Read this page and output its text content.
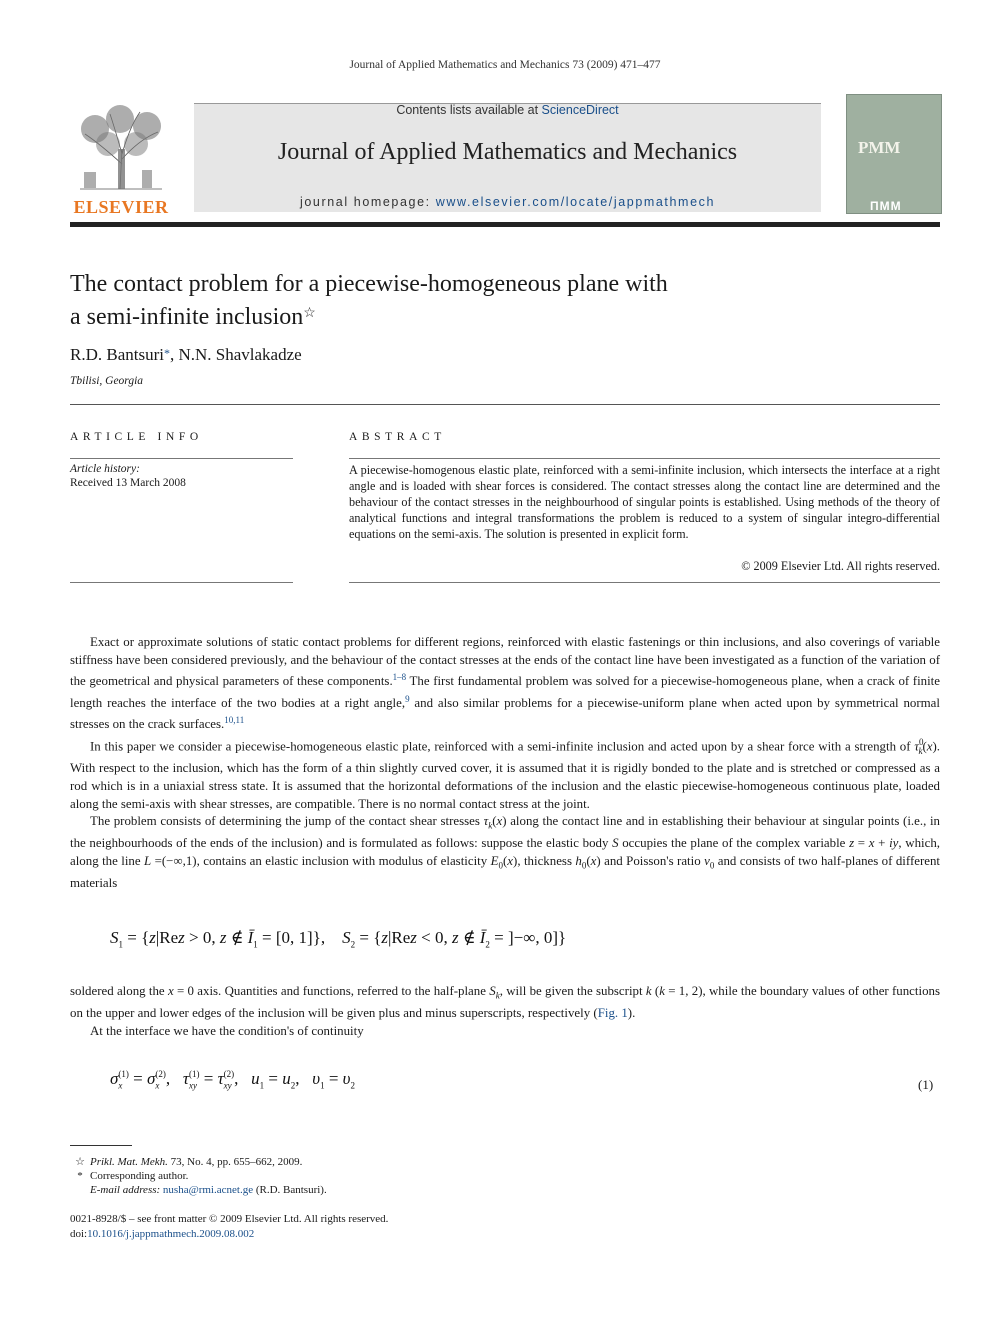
Journal of Applied Mathematics and Mechanics 73 (2009) 471–477
ELSEVIER
Contents lists available at ScienceDirect
Journal of Applied Mathematics and Mechanics
journal homepage: www.elsevier.com/locate/jappmathmech
PMM
ПММ
The contact problem for a piecewise-homogeneous plane with
a semi-infinite inclusion☆
R.D. Bantsuri*, N.N. Shavlakadze
Tbilisi, Georgia
ARTICLE INFO
Article history:
Received 13 March 2008
ABSTRACT
A piecewise-homogenous elastic plate, reinforced with a semi-infinite inclusion, which intersects the interface at a right angle and is loaded with shear forces is considered. The contact stresses along the contact line are determined and the behaviour of the contact stresses in the neighbourhood of singular points is established. Using methods of the theory of analytical functions and integral transformations the problem is reduced to a system of singular integro-differential equations on the semi-axis. The solution is presented in explicit form.
© 2009 Elsevier Ltd. All rights reserved.

Exact or approximate solutions of static contact problems for different regions, reinforced with elastic fastenings or thin inclusions, and also coverings of variable stiffness have been considered previously, and the behaviour of the contact stresses at the ends of the contact line have been investigated as a function of the variation of the geometrical and physical parameters of these components.$^{1-8}$ The first fundamental problem was solved for a piecewise-homogeneous plane, when a crack of finite length reaches the interface of the two bodies at a right angle,$^9$ and also similar problems for a piecewise-uniform plane when acted upon by symmetrical normal stresses on the crack surfaces.$^{10,11}$

In this paper we consider a piecewise-homogeneous elastic plate, reinforced with a semi-infinite inclusion and acted upon by a shear force with a strength of $\tau^0_k(x)$. With respect to the inclusion, which has the form of a thin slightly curved cover, it is assumed that it is rigidly bonded to the plate and is stretched or compressed as a rod which is in a uniaxial stress state. It is assumed that the horizontal deformations of the inclusion and the elastic piecewise-homogeneous continuous plate, loaded along the semi-axis with shear stresses, are compatible. There is no normal contact stress at the joint.

The problem consists of determining the jump of the contact shear stresses $\tau_k(x)$ along the contact line and in establishing their behaviour at singular points (i.e., in the neighbourhoods of the ends of the inclusion) and is formulated as follows: suppose the elastic body S occupies the plane of the complex variable z = x + iy, which, along the line L =(−∞,1), contains an elastic inclusion with modulus of elasticity $E_0(x)$, thickness $h_0(x)$ and Poisson's ratio $\nu_0$ and consists of two half-planes of different materials

$S_1 = \{z|Rez > 0$, z ∉ $Ī_1 = [0$, 1]},    $S_2 = \{z|Rez < 0$, z ∉ $Ī_2$ = ]−∞, 0]}

soldered along the x = 0 axis. Quantities and functions, referred to the half-plane $S_k$, will be given the subscript k (k = 1, 2), while the boundary values of other functions on the upper and lower edges of the inclusion will be given plus and minus superscripts, respectively (Fig. 1).

At the interface we have the condition's of continuity

$\sigma_x^{(1)} = \sigma_x^{(2)}$,   $\tau_{xy}^{(1)} = \tau_{xy}^{(2)}$,   $u_1 = u_2$,   $\upsilon_1 = \upsilon_2$	(1)
☆ Prikl. Mat. Mekh. 73, No. 4, pp. 655–662, 2009.
* Corresponding author.
E-mail address: nusha@rmi.acnet.ge (R.D. Bantsuri).
0021-8928/$ – see front matter © 2009 Elsevier Ltd. All rights reserved.
doi:10.1016/j.jappmathmech.2009.08.002
